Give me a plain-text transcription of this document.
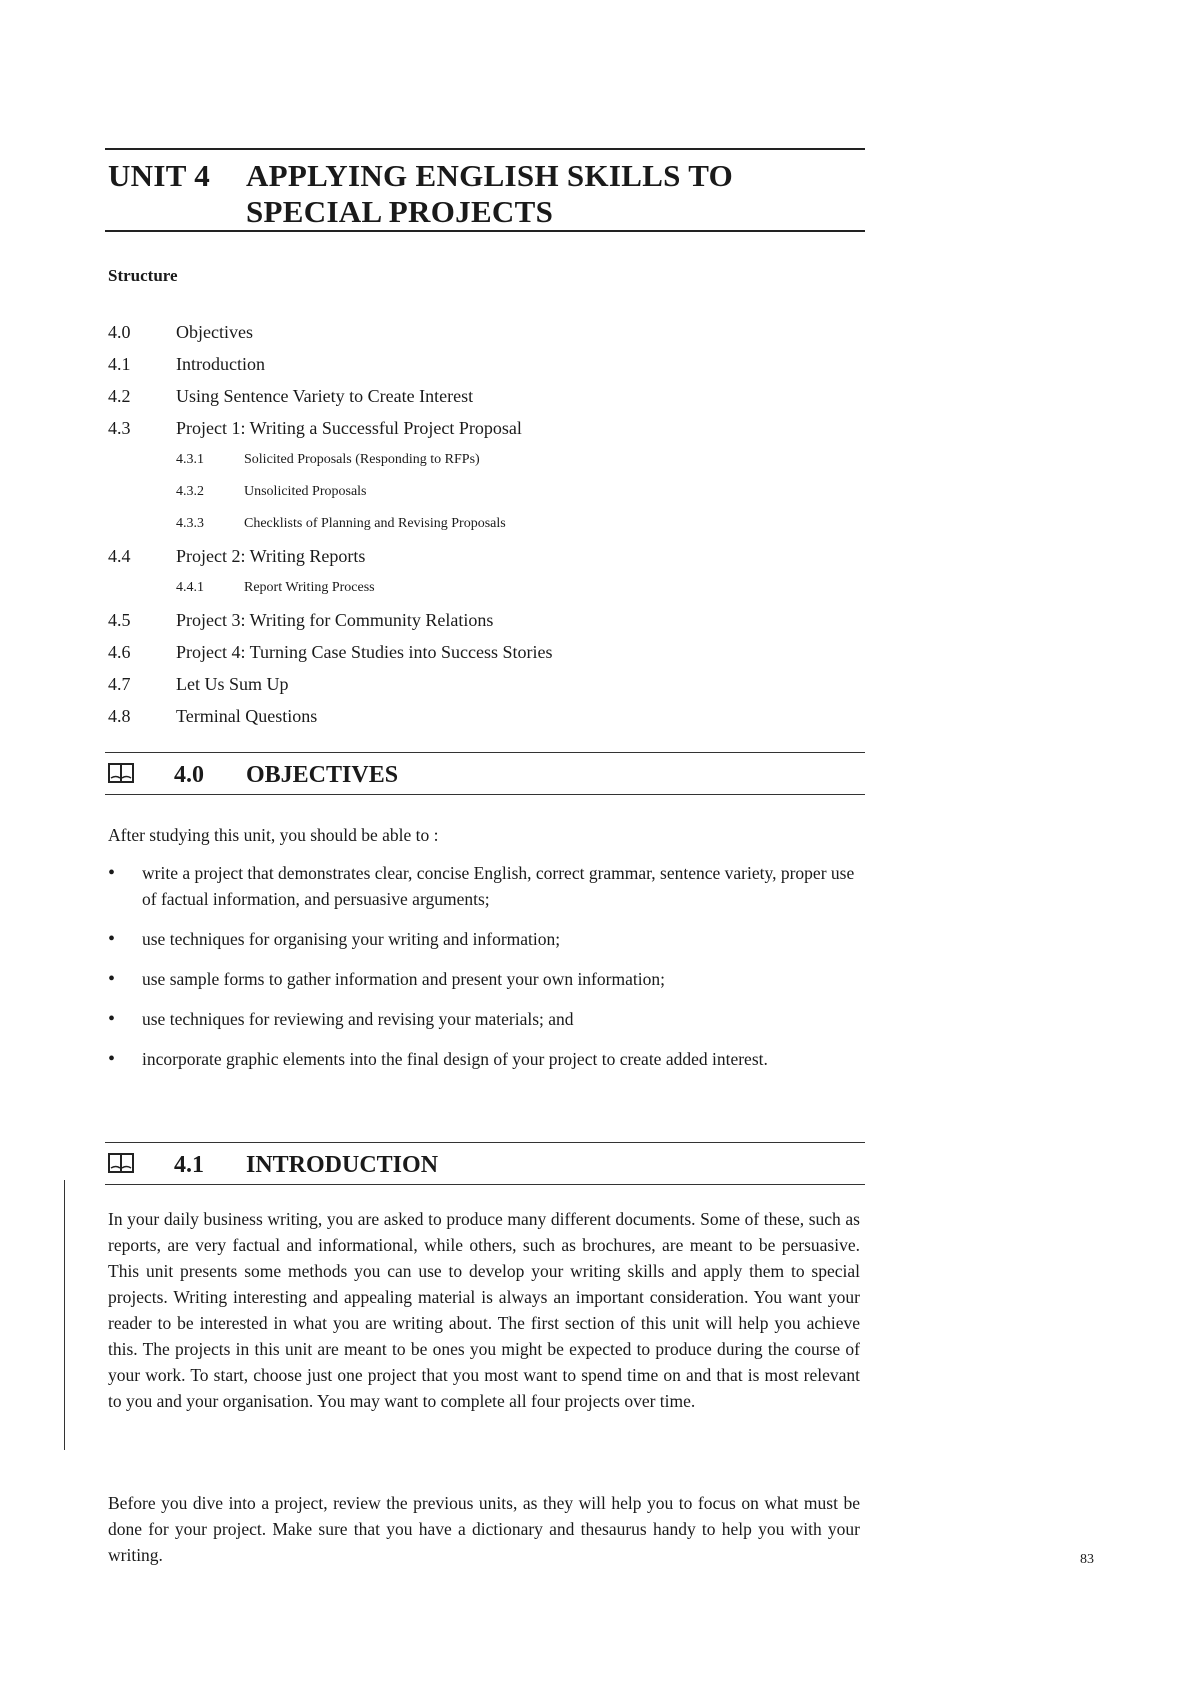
UNIT 4	APPLYING ENGLISH SKILLS TO SPECIAL PROJECTS
Structure
4.0	Objectives
4.1	Introduction
4.2	Using Sentence Variety to Create Interest
4.3	Project 1: Writing a Successful Project Proposal
4.3.1	Solicited Proposals (Responding to RFPs)
4.3.2	Unsolicited Proposals
4.3.3	Checklists of Planning and Revising Proposals
4.4	Project 2: Writing Reports
4.4.1	Report Writing Process
4.5	Project 3: Writing for Community Relations
4.6	Project 4: Turning Case Studies into Success Stories
4.7	Let Us Sum Up
4.8	Terminal Questions
4.0 OBJECTIVES

After studying this unit, you should be able to :

• write a project that demonstrates clear, concise English, correct grammar, sentence variety, proper use of factual information, and persuasive arguments;
• use techniques for organising your writing and information;
• use sample forms to gather information and present your own information;
• use techniques for reviewing and revising your materials; and
• incorporate graphic elements into the final design of your project to create added interest.
4.1 INTRODUCTION

In your daily business writing, you are asked to produce many different documents. Some of these, such as reports, are very factual and informational, while others, such as brochures, are meant to be persuasive. This unit presents some methods you can use to develop your writing skills and apply them to special projects. Writing interesting and appealing material is always an important consideration. You want your reader to be interested in what you are writing about. The first section of this unit will help you achieve this. The projects in this unit are meant to be ones you might be expected to produce during the course of your work. To start, choose just one project that you most want to spend time on and that is most relevant to you and your organisation. You may want to complete all four projects over time.

Before you dive into a project, review the previous units, as they will help you to focus on what must be done for your project. Make sure that you have a dictionary and thesaurus handy to help you with your writing.	83
